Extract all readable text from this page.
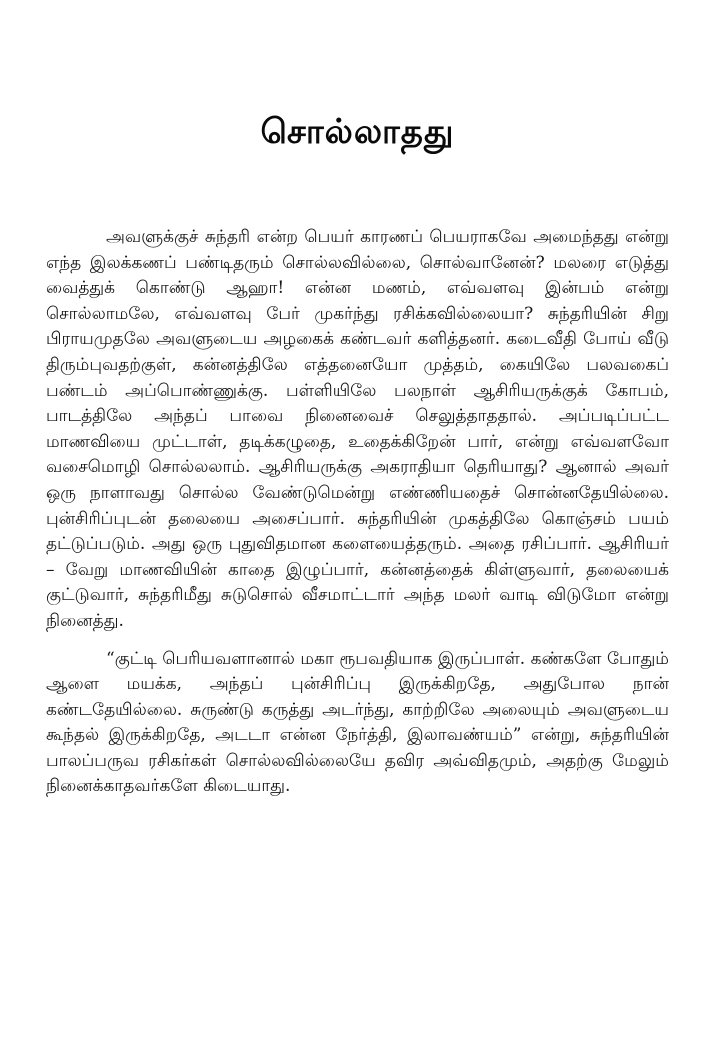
சொல்லாதது

அவளுக்குச் சுந்தரி என்ற பெயர் காரணப் பெயராகவே அமைந்தது என்று எந்த இலக்கணப் பண்டிதரும் சொல்லவில்லை, சொல்வானேன்? மலரை எடுத்து வைத்துக் கொண்டு ஆஹா! என்ன மணம், எவ்வளவு இன்பம் என்று சொல்லாமலே, எவ்வளவு பேர் முகர்ந்து ரசிக்கவில்லையா? சுந்தரியின் சிறு பிராயமுதலே அவளுடைய அழகைக் கண்டவர் களித்தனர். கடைவீதி போய் வீடு திரும்புவதற்குள், கன்னத்திலே எத்தனையோ முத்தம், கையிலே பலவகைப் பண்டம் அப்பொண்ணுக்கு. பள்ளியிலே பலநாள் ஆசிரியருக்குக் கோபம், பாடத்திலே அந்தப் பாவை நினைவைச் செலுத்தாததால். அப்படிப்பட்ட மாணவியை முட்டாள், தடிக்கழுதை, உதைக்கிறேன் பார், என்று எவ்வளவோ வசைமொழி சொல்லலாம். ஆசிரியருக்கு அகராதியா தெரியாது? ஆனால் அவர் ஒரு நாளாவது சொல்ல வேண்டுமென்று எண்ணியதைச் சொன்னதேயில்லை. புன்சிரிப்புடன் தலையை அசைப்பார். சுந்தரியின் முகத்திலே கொஞ்சம் பயம் தட்டுப்படும். அது ஒரு புதுவிதமான களையைத்தரும். அதை ரசிப்பார். ஆசிரியர் – வேறு மாணவியின் காதை இழுப்பார், கன்னத்தைக் கிள்ளுவார், தலையைக் குட்டுவார், சுந்தரிமீது சுடுசொல் வீசமாட்டார் அந்த மலர் வாடி விடுமோ என்று நினைத்து.

“குட்டி பெரியவளானால் மகா ரூபவதியாக இருப்பாள். கண்களே போதும் ஆளை மயக்க, அந்தப் புன்சிரிப்பு இருக்கிறதே, அதுபோல நான் கண்டதேயில்லை. சுருண்டு கருத்து அடர்ந்து, காற்றிலே அலையும் அவளுடைய கூந்தல் இருக்கிறதே, அடடா என்ன நேர்த்தி, இலாவண்யம்” என்று, சுந்தரியின் பாலப்பருவ ரசிகர்கள் சொல்லவில்லையே தவிர அவ்விதமும், அதற்கு மேலும் நினைக்காதவர்களே கிடையாது.
